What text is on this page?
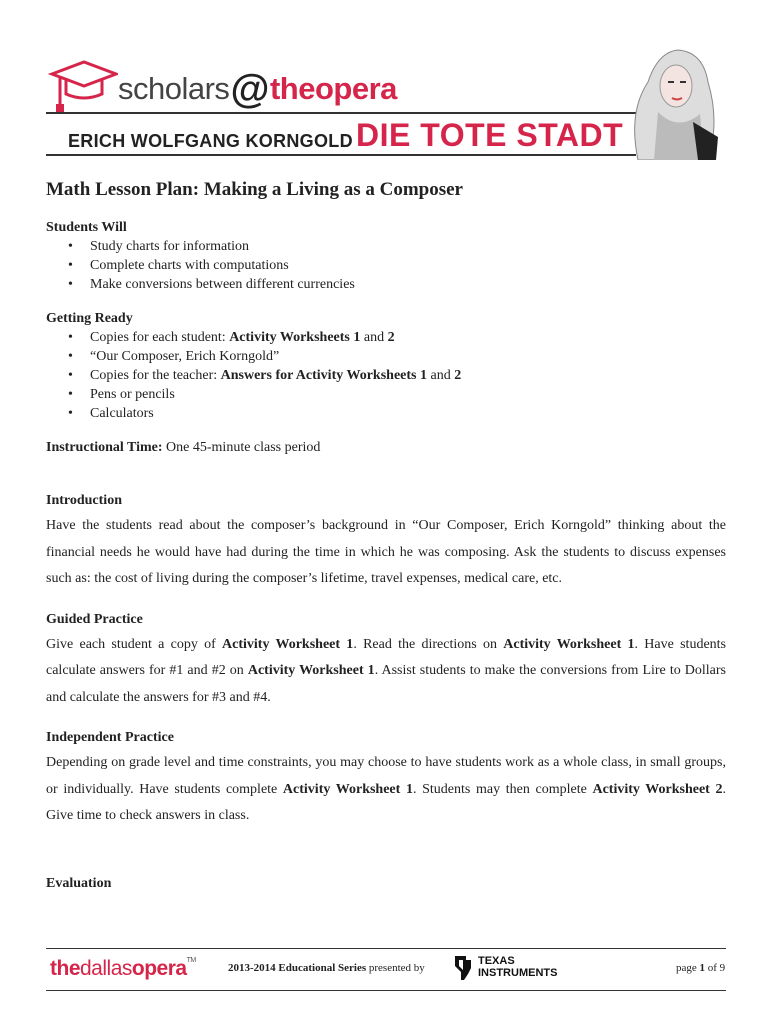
scholars@theopera
ERICH WOLFGANG KORNGOLD DIE TOTE STADT
Math Lesson Plan: Making a Living as a Composer

Students Will

• Study charts for information
• Complete charts with computations
• Make conversions between different currencies

Getting Ready

• Copies for each student: Activity Worksheets 1 and 2
• “Our Composer, Erich Korngold”
• Copies for the teacher: Answers for Activity Worksheets 1 and 2
• Pens or pencils
• Calculators

Instructional Time: One 45-minute class period

Introduction

Have the students read about the composer’s background in “Our Composer, Erich Korngold” thinking about the financial needs he would have had during the time in which he was composing. Ask the students to discuss expenses such as: the cost of living during the composer’s lifetime, travel expenses, medical care, etc.

Guided Practice

Give each student a copy of Activity Worksheet 1. Read the directions on Activity Worksheet 1. Have students calculate answers for #1 and #2 on Activity Worksheet 1. Assist students to make the conversions from Lire to Dollars and calculate the answers for #3 and #4.

Independent Practice

Depending on grade level and time constraints, you may choose to have students work as a whole class, in small groups, or individually. Have students complete Activity Worksheet 1. Students may then complete Activity Worksheet 2. Give time to check answers in class.

Evaluation

thedallasopera™
2013-2014 Educational Series presented by
TEXAS
INSTRUMENTS	page 1 of 9
